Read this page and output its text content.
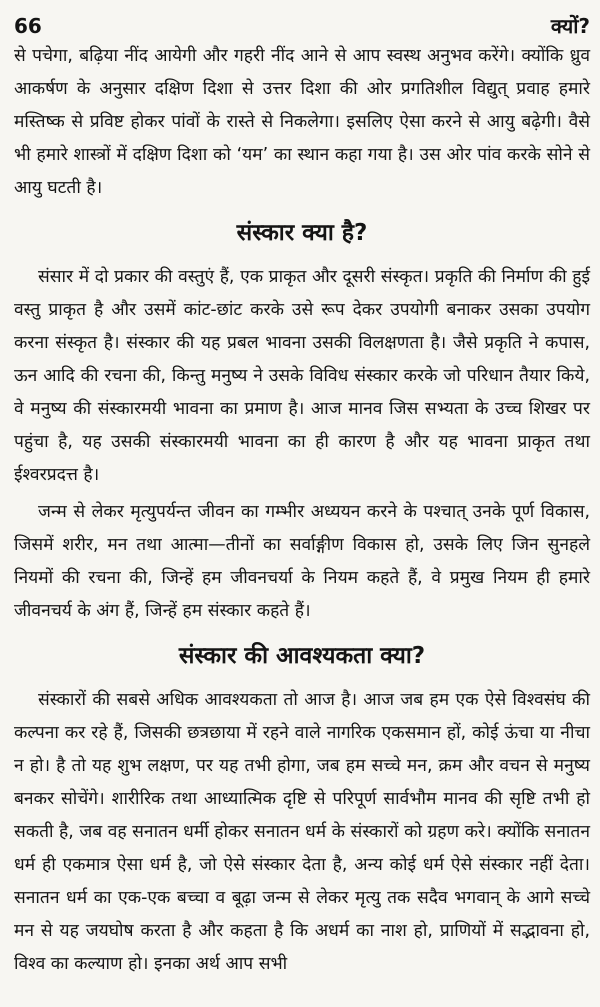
66	क्यों?

से पचेगा, बढ़िया नींद आयेगी और गहरी नींद आने से आप स्वस्थ अनुभव करेंगे। क्योंकि ध्रुव आकर्षण के अनुसार दक्षिण दिशा से उत्तर दिशा की ओर प्रगतिशील विद्युत् प्रवाह हमारे मस्तिष्क से प्रविष्ट होकर पांवों के रास्ते से निकलेगा। इसलिए ऐसा करने से आयु बढ़ेगी। वैसे भी हमारे शास्त्रों में दक्षिण दिशा को ‘यम’ का स्थान कहा गया है। उस ओर पांव करके सोने से आयु घटती है।

संस्कार क्या है?

संसार में दो प्रकार की वस्तुएं हैं, एक प्राकृत और दूसरी संस्कृत। प्रकृति की निर्माण की हुई वस्तु प्राकृत है और उसमें कांट-छांट करके उसे रूप देकर उपयोगी बनाकर उसका उपयोग करना संस्कृत है। संस्कार की यह प्रबल भावना उसकी विलक्षणता है। जैसे प्रकृति ने कपास, ऊन आदि की रचना की, किन्तु मनुष्य ने उसके विविध संस्कार करके जो परिधान तैयार किये, वे मनुष्य की संस्कारमयी भावना का प्रमाण है। आज मानव जिस सभ्यता के उच्च शिखर पर पहुंचा है, यह उसकी संस्कारमयी भावना का ही कारण है और यह भावना प्राकृत तथा ईश्वरप्रदत्त है।

जन्म से लेकर मृत्युपर्यन्त जीवन का गम्भीर अध्ययन करने के पश्चात् उनके पूर्ण विकास, जिसमें शरीर, मन तथा आत्मा—तीनों का सर्वाङ्गीण विकास हो, उसके लिए जिन सुनहले नियमों की रचना की, जिन्हें हम जीवनचर्या के नियम कहते हैं, वे प्रमुख नियम ही हमारे जीवनचर्य के अंग हैं, जिन्हें हम संस्कार कहते हैं।

संस्कार की आवश्यकता क्या?

संस्कारों की सबसे अधिक आवश्यकता तो आज है। आज जब हम एक ऐसे विश्वसंघ की कल्पना कर रहे हैं, जिसकी छत्रछाया में रहने वाले नागरिक एकसमान हों, कोई ऊंचा या नीचा न हो। है तो यह शुभ लक्षण, पर यह तभी होगा, जब हम सच्चे मन, क्रम और वचन से मनुष्य बनकर सोचेंगे। शारीरिक तथा आध्यात्मिक दृष्टि से परिपूर्ण सार्वभौम मानव की सृष्टि तभी हो सकती है, जब वह सनातन धर्मी होकर सनातन धर्म के संस्कारों को ग्रहण करे। क्योंकि सनातन धर्म ही एकमात्र ऐसा धर्म है, जो ऐसे संस्कार देता है, अन्य कोई धर्म ऐसे संस्कार नहीं देता। सनातन धर्म का एक-एक बच्चा व बूढ़ा जन्म से लेकर मृत्यु तक सदैव भगवान् के आगे सच्चे मन से यह जयघोष करता है और कहता है कि अधर्म का नाश हो, प्राणियों में सद्भावना हो, विश्व का कल्याण हो। इनका अर्थ आप सभी
